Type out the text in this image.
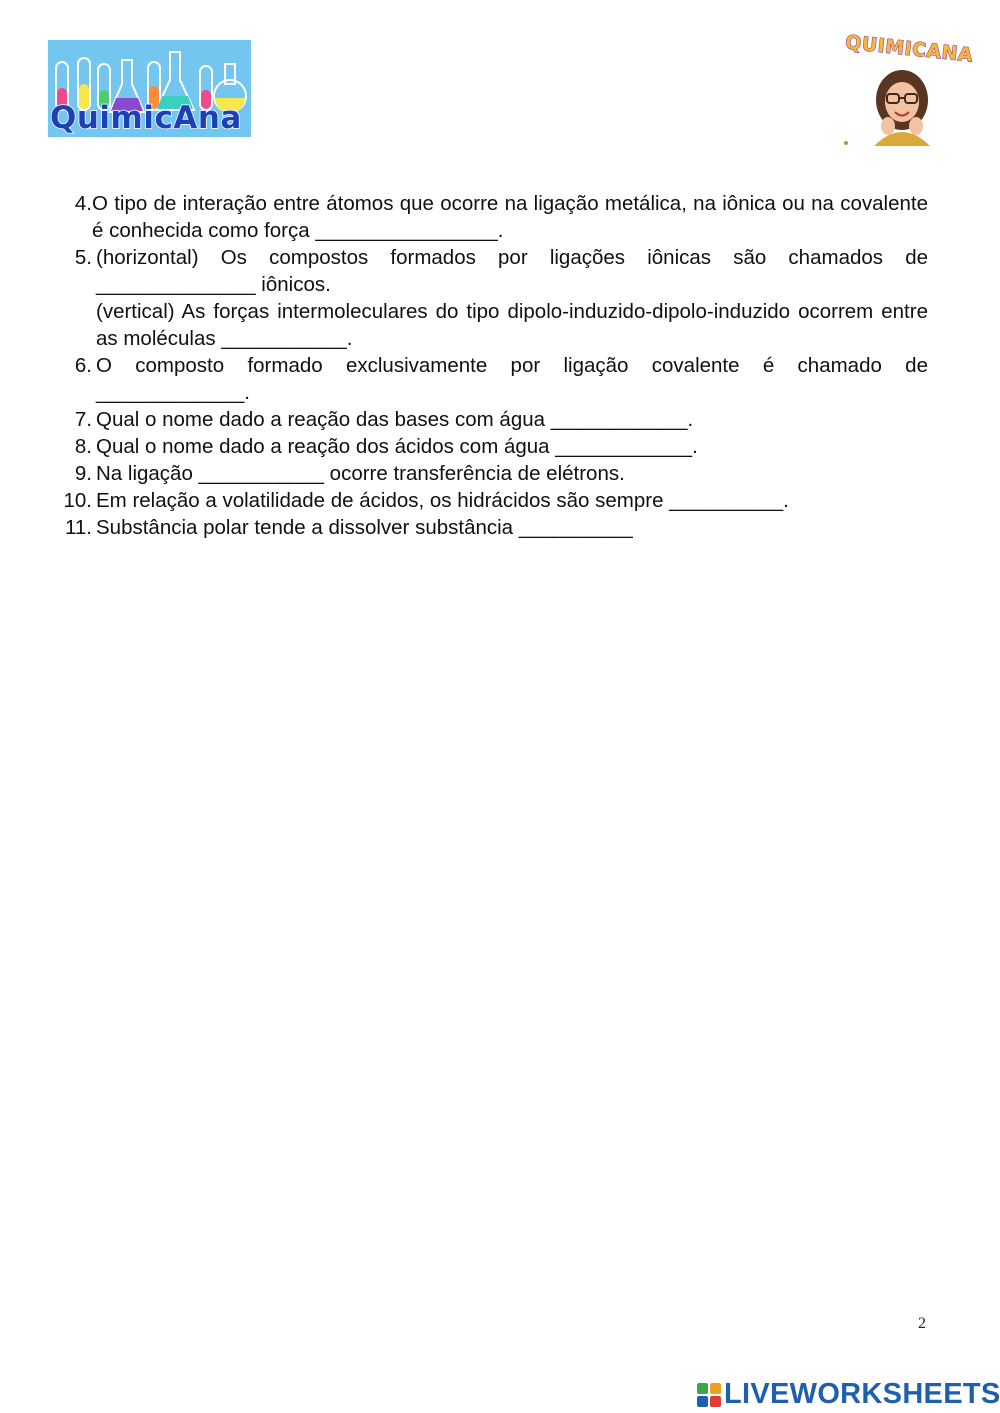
QuimicAna
QUIMICANA
4. O tipo de interação entre átomos que ocorre na ligação metálica, na iônica ou na covalente é conhecida como força ________________.
5. (horizontal) Os compostos formados por ligações iônicas são chamados de ______________ iônicos.
(vertical) As forças intermoleculares do tipo dipolo-induzido-dipolo-induzido ocorrem entre as moléculas ___________.
6. O composto formado exclusivamente por ligação covalente é chamado de _____________.
7. Qual o nome dado a reação das bases com água ____________.
8. Qual o nome dado a reação dos ácidos com água ____________.
9. Na ligação ___________ ocorre transferência de elétrons.
10. Em relação a volatilidade de ácidos, os hidrácidos são sempre __________.
11. Substância polar tende a dissolver substância __________
2
LIVEWORKSHEETS
